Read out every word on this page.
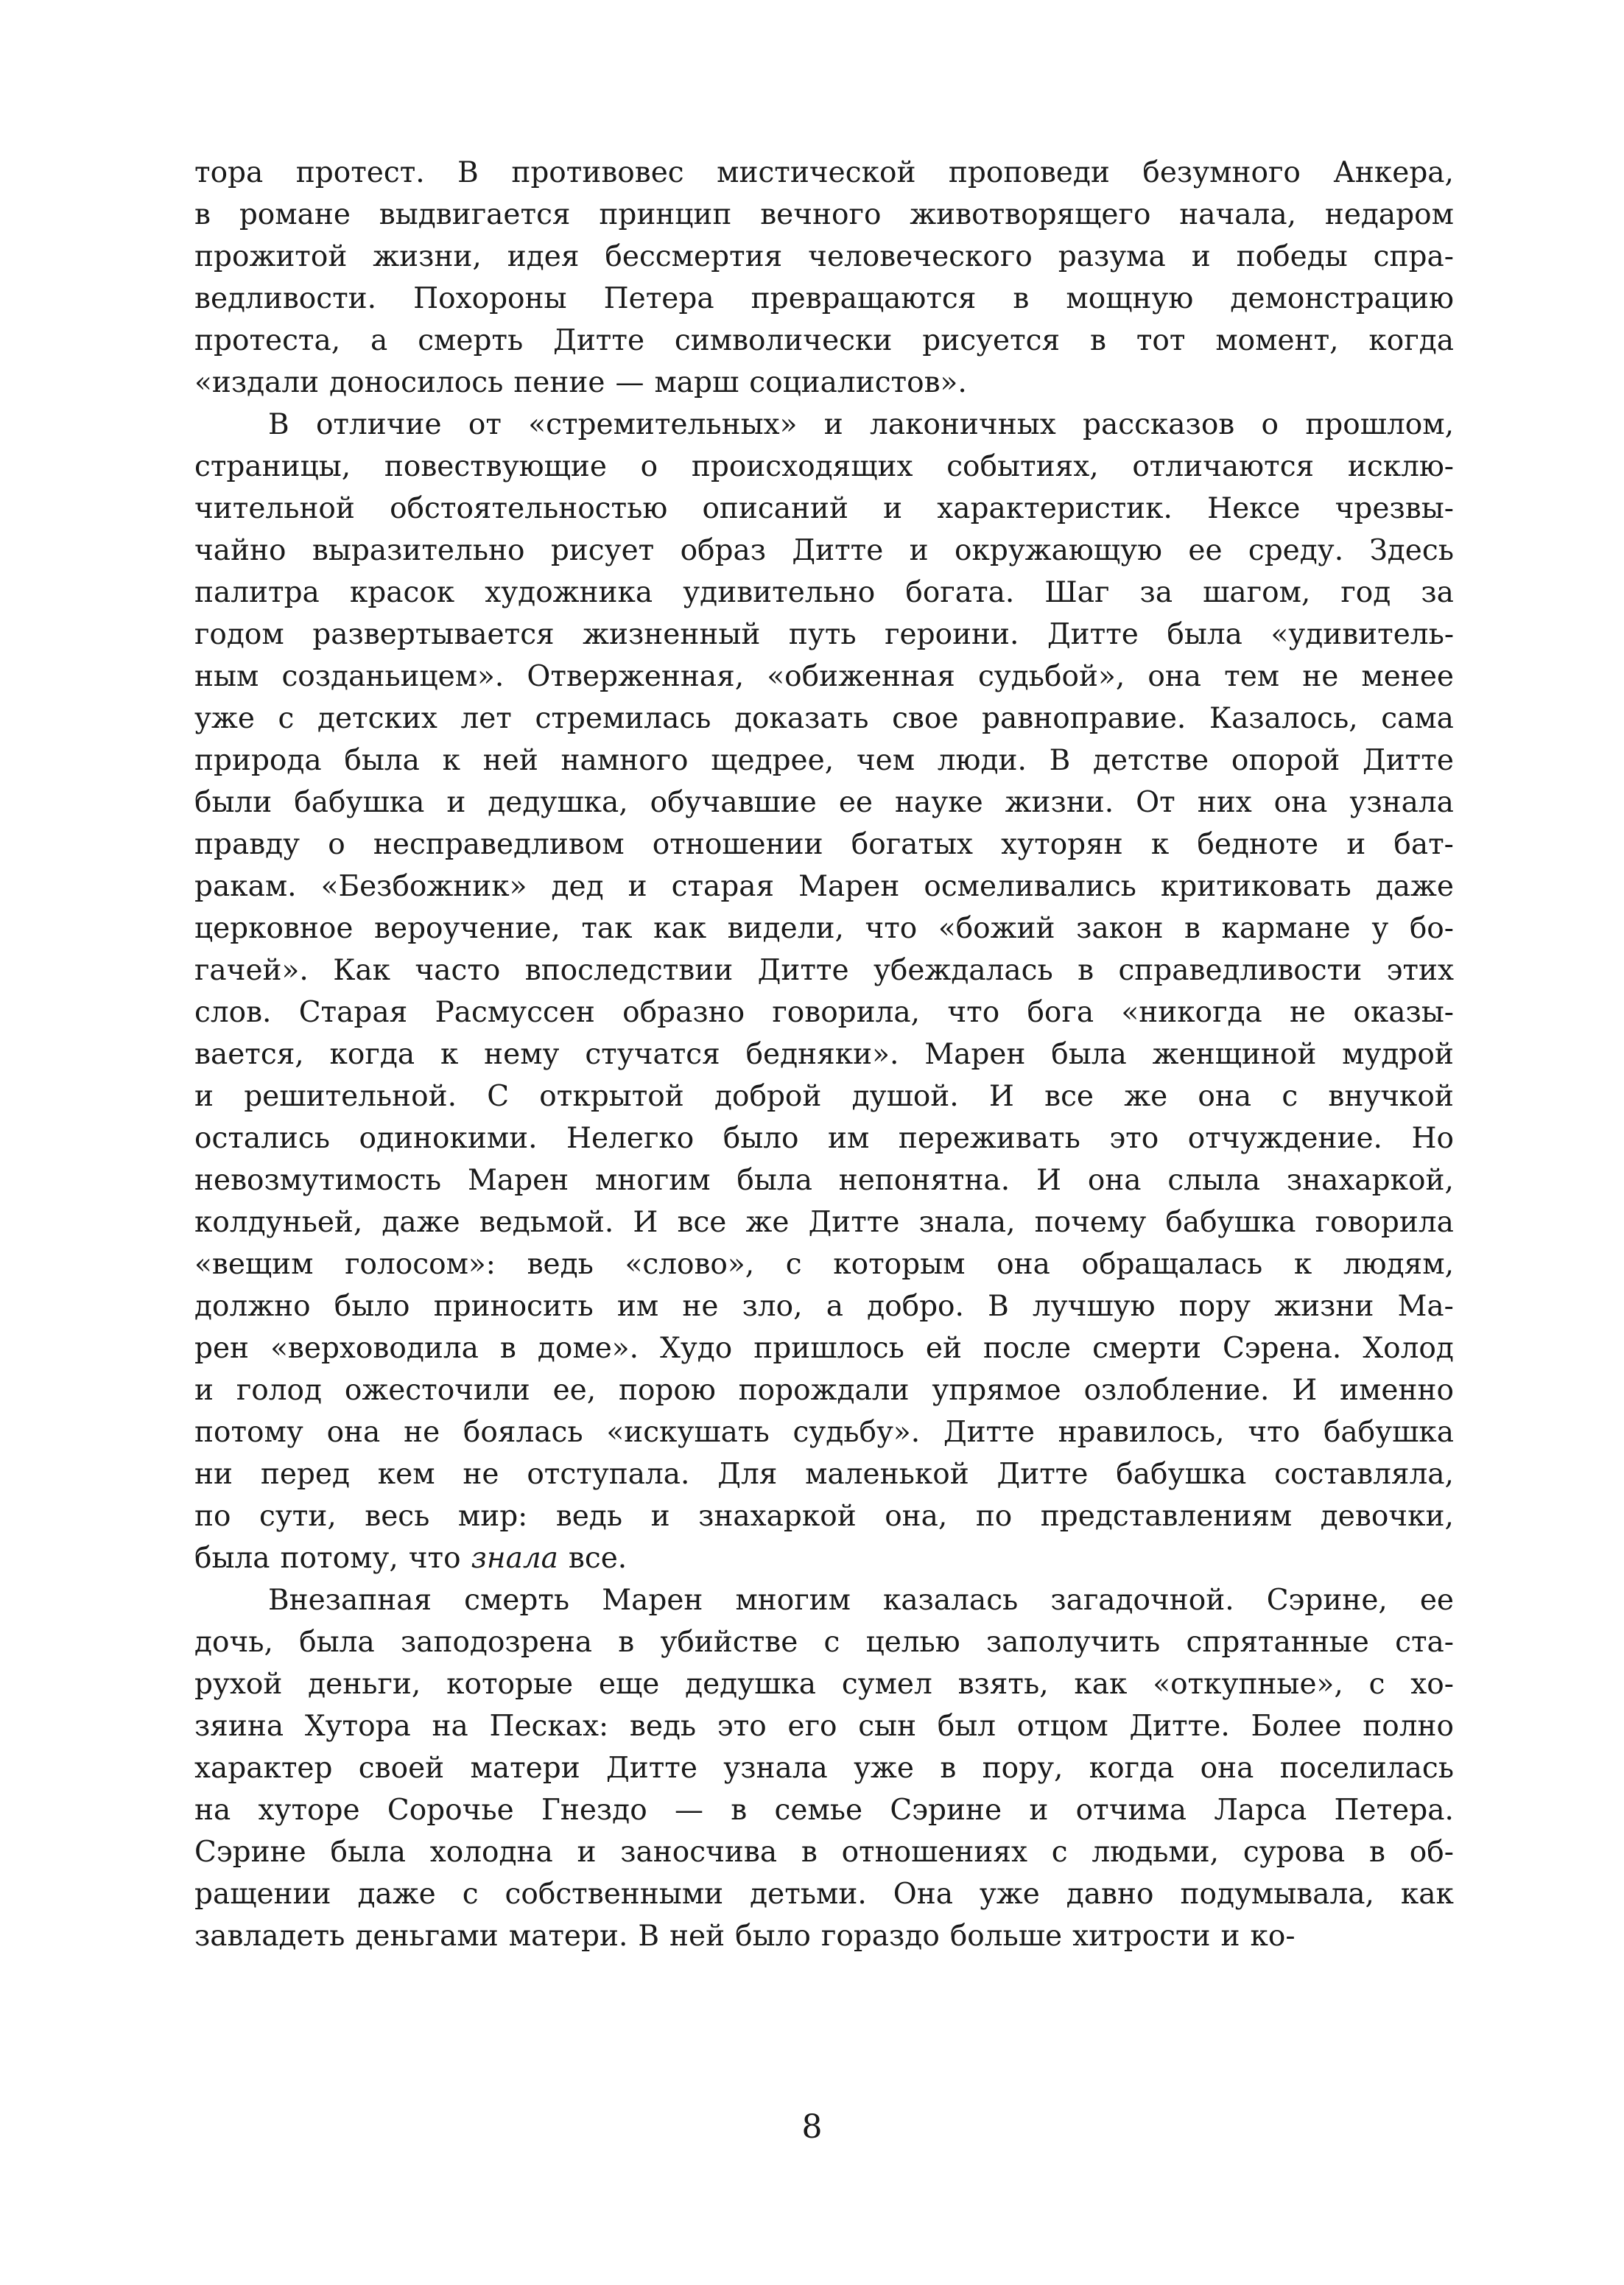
тора протест. В противовес мистической проповеди безумного Анкера,
в романе выдвигается принцип вечного животворящего начала, недаром
прожитой жизни, идея бессмертия человеческого разума и победы спра-
ведливости. Похороны Петера превращаются в мощную демонстрацию
протеста, а смерть Дитте символически рисуется в тот момент, когда
«издали доносилось пение — марш социалистов».
В отличие от «стремительных» и лаконичных рассказов о прошлом,
страницы, повествующие о происходящих событиях, отличаются исклю-
чительной обстоятельностью описаний и характеристик. Нексе чрезвы-
чайно выразительно рисует образ Дитте и окружающую ее среду. Здесь
палитра красок художника удивительно богата. Шаг за шагом, год за
годом развертывается жизненный путь героини. Дитте была «удивитель-
ным созданьицем». Отверженная, «обиженная судьбой», она тем не менее
уже с детских лет стремилась доказать свое равноправие. Казалось, сама
природа была к ней намного щедрее, чем люди. В детстве опорой Дитте
были бабушка и дедушка, обучавшие ее науке жизни. От них она узнала
правду о несправедливом отношении богатых хуторян к бедноте и бат-
ракам. «Безбожник» дед и старая Марен осмеливались критиковать даже
церковное вероучение, так как видели, что «божий закон в кармане у бо-
гачей». Как часто впоследствии Дитте убеждалась в справедливости этих
слов. Старая Расмуссен образно говорила, что бога «никогда не оказы-
вается, когда к нему стучатся бедняки». Марен была женщиной мудрой
и решительной. С открытой доброй душой. И все же она с внучкой
остались одинокими. Нелегко было им переживать это отчуждение. Но
невозмутимость Марен многим была непонятна. И она слыла знахаркой,
колдуньей, даже ведьмой. И все же Дитте знала, почему бабушка говорила
«вещим голосом»: ведь «слово», с которым она обращалась к людям,
должно было приносить им не зло, а добро. В лучшую пору жизни Ма-
рен «верховодила в доме». Худо пришлось ей после смерти Сэрена. Холод
и голод ожесточили ее, порою порождали упрямое озлобление. И именно
потому она не боялась «искушать судьбу». Дитте нравилось, что бабушка
ни перед кем не отступала. Для маленькой Дитте бабушка составляла,
по сути, весь мир: ведь и знахаркой она, по представлениям девочки,
была потому, что знала все.
Внезапная смерть Марен многим казалась загадочной. Сэрине, ее
дочь, была заподозрена в убийстве с целью заполучить спрятанные ста-
рухой деньги, которые еще дедушка сумел взять, как «откупные», с хо-
зяина Хутора на Песках: ведь это его сын был отцом Дитте. Более полно
характер своей матери Дитте узнала уже в пору, когда она поселилась
на хуторе Сорочье Гнездо — в семье Сэрине и отчима Ларса Петера.
Сэрине была холодна и заносчива в отношениях с людьми, сурова в об-
ращении даже с собственными детьми. Она уже давно подумывала, как
завладеть деньгами матери. В ней было гораздо больше хитрости и ко-
8
